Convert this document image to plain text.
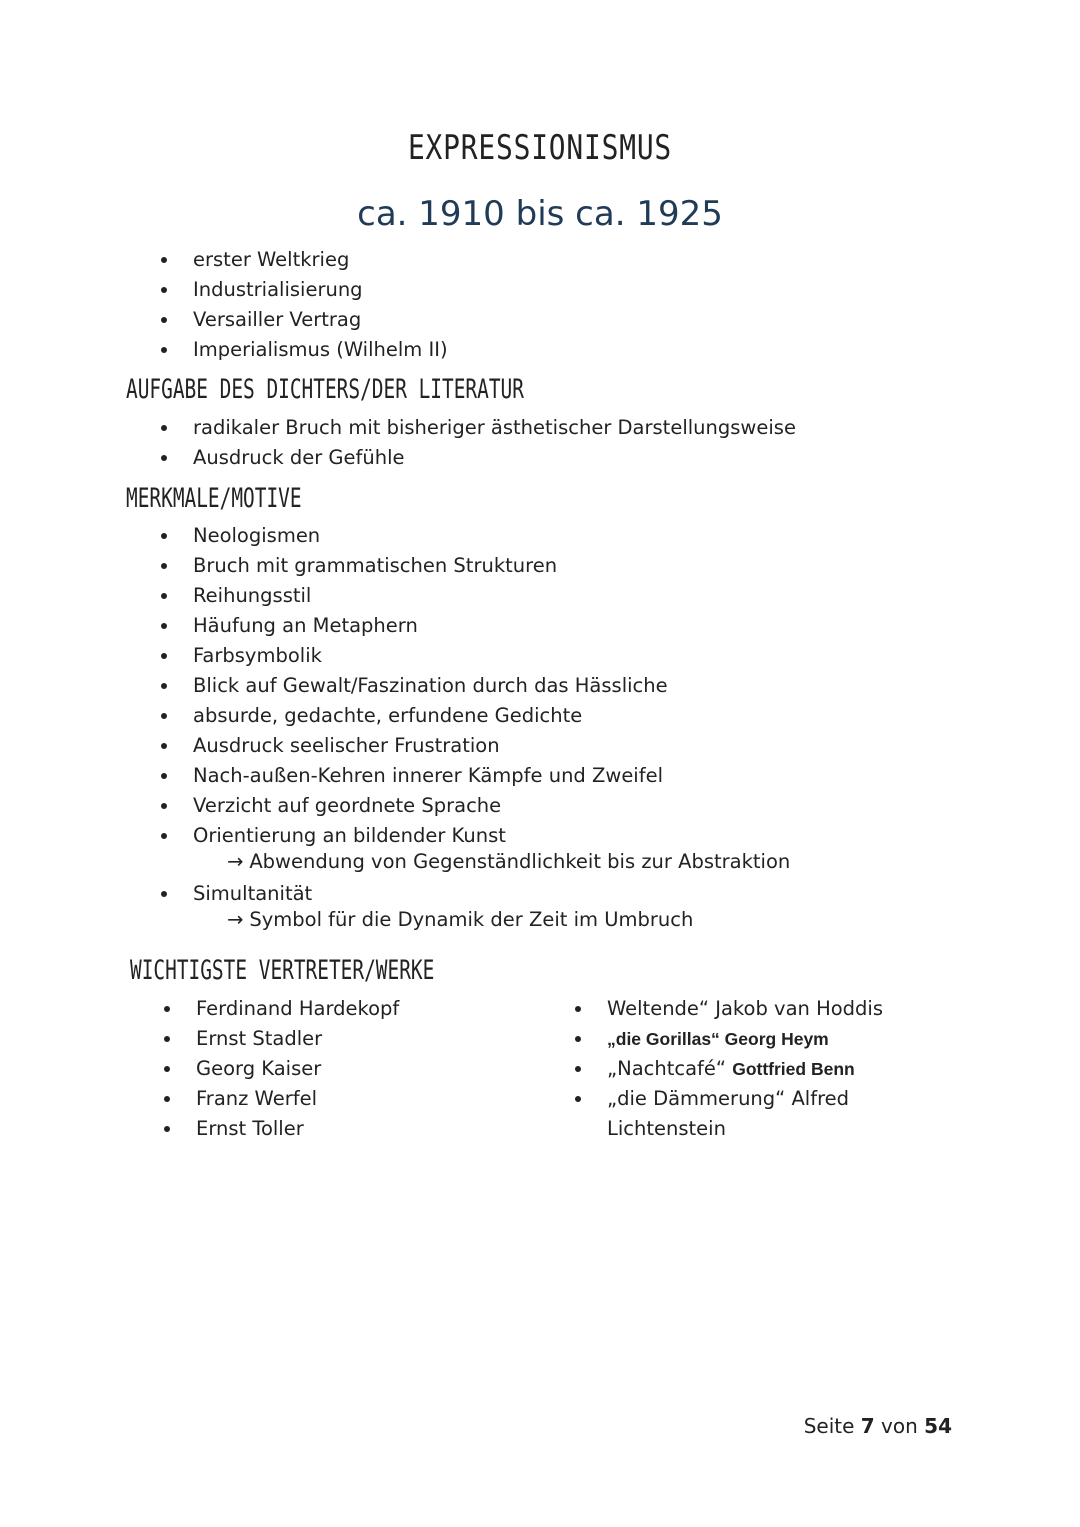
EXPRESSIONISMUS
ca. 1910 bis ca. 1925
erster Weltkrieg
Industrialisierung
Versailler Vertrag
Imperialismus (Wilhelm II)
AUFGABE DES DICHTERS/DER LITERATUR
radikaler Bruch mit bisheriger ästhetischer Darstellungsweise
Ausdruck der Gefühle
MERKMALE/MOTIVE
Neologismen
Bruch mit grammatischen Strukturen
Reihungsstil
Häufung an Metaphern
Farbsymbolik
Blick auf Gewalt/Faszination durch das Hässliche
absurde, gedachte, erfundene Gedichte
Ausdruck seelischer Frustration
Nach-außen-Kehren innerer Kämpfe und Zweifel
Verzicht auf geordnete Sprache
Orientierung an bildender Kunst
→ Abwendung von Gegenständlichkeit bis zur Abstraktion
Simultanität
→ Symbol für die Dynamik der Zeit im Umbruch
WICHTIGSTE VERTRETER/WERKE
Ferdinand Hardekopf
Ernst Stadler
Georg Kaiser
Franz Werfel
Ernst Toller
Weltende“ Jakob van Hoddis
„die Gorillas“ Georg Heym
„Nachtcafé“ Gottfried Benn
„die Dämmerung“ Alfred
Lichtenstein
Seite 7 von 54
